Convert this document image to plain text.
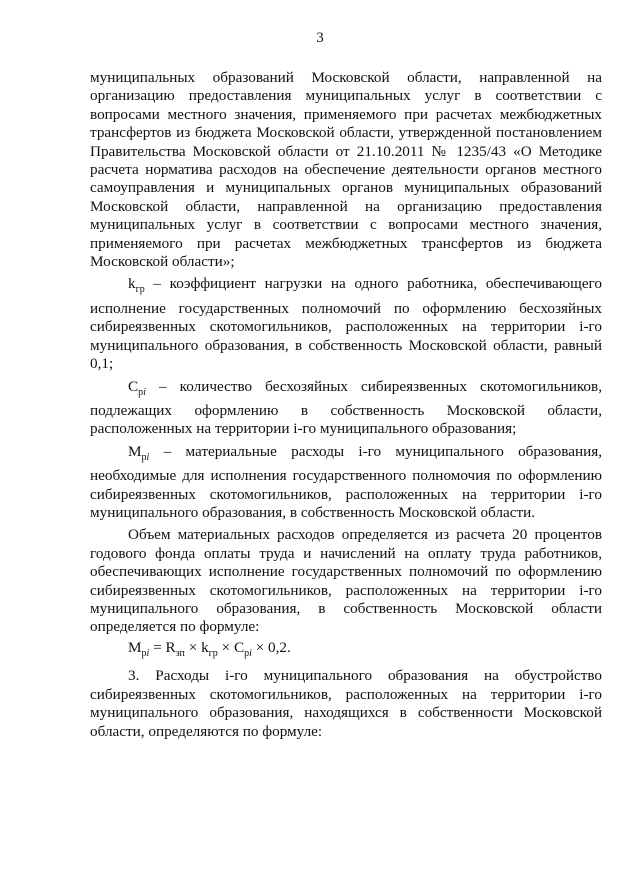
3

муниципальных образований Московской области, направленной на организацию предоставления муниципальных услуг в соответствии с вопросами местного значения, применяемого при расчетах межбюджетных трансфертов из бюджета Московской области, утвержденной постановлением Правительства Московской области от 21.10.2011 № 1235/43 «О Методике расчета норматива расходов на обеспечение деятельности органов местного самоуправления и муниципальных органов муниципальных образований Московской области, направленной на организацию предоставления муниципальных услуг в соответствии с вопросами местного значения, применяемого при расчетах межбюджетных трансфертов из бюджета Московской области»;

$k_{гр}$ – коэффициент нагрузки на одного работника, обеспечивающего исполнение государственных полномочий по оформлению бесхозяйных сибиреязвенных скотомогильников, расположенных на территории i-го муниципального образования, в собственность Московской области, равный 0,1;

$C_{pi}$ – количество бесхозяйных сибиреязвенных скотомогильников, подлежащих оформлению в собственность Московской области, расположенных на территории i-го муниципального образования;

$M_{pi}$ – материальные расходы i-го муниципального образования, необходимые для исполнения государственного полномочия по оформлению сибиреязвенных скотомогильников, расположенных на территории i-го муниципального образования, в собственность Московской области.

Объем материальных расходов определяется из расчета 20 процентов годового фонда оплаты труда и начислений на оплату труда работников, обеспечивающих исполнение государственных полномочий по оформлению сибиреязвенных скотомогильников, расположенных на территории i-го муниципального образования, в собственность Московской области определяется по формуле:

$M_{pi} = R_{зп} \times k_{гр} \times C_{pi} \times 0,2$.

3. Расходы i-го муниципального образования на обустройство сибиреязвенных скотомогильников, расположенных на территории i-го муниципального образования, находящихся в собственности Московской области, определяются по формуле:
